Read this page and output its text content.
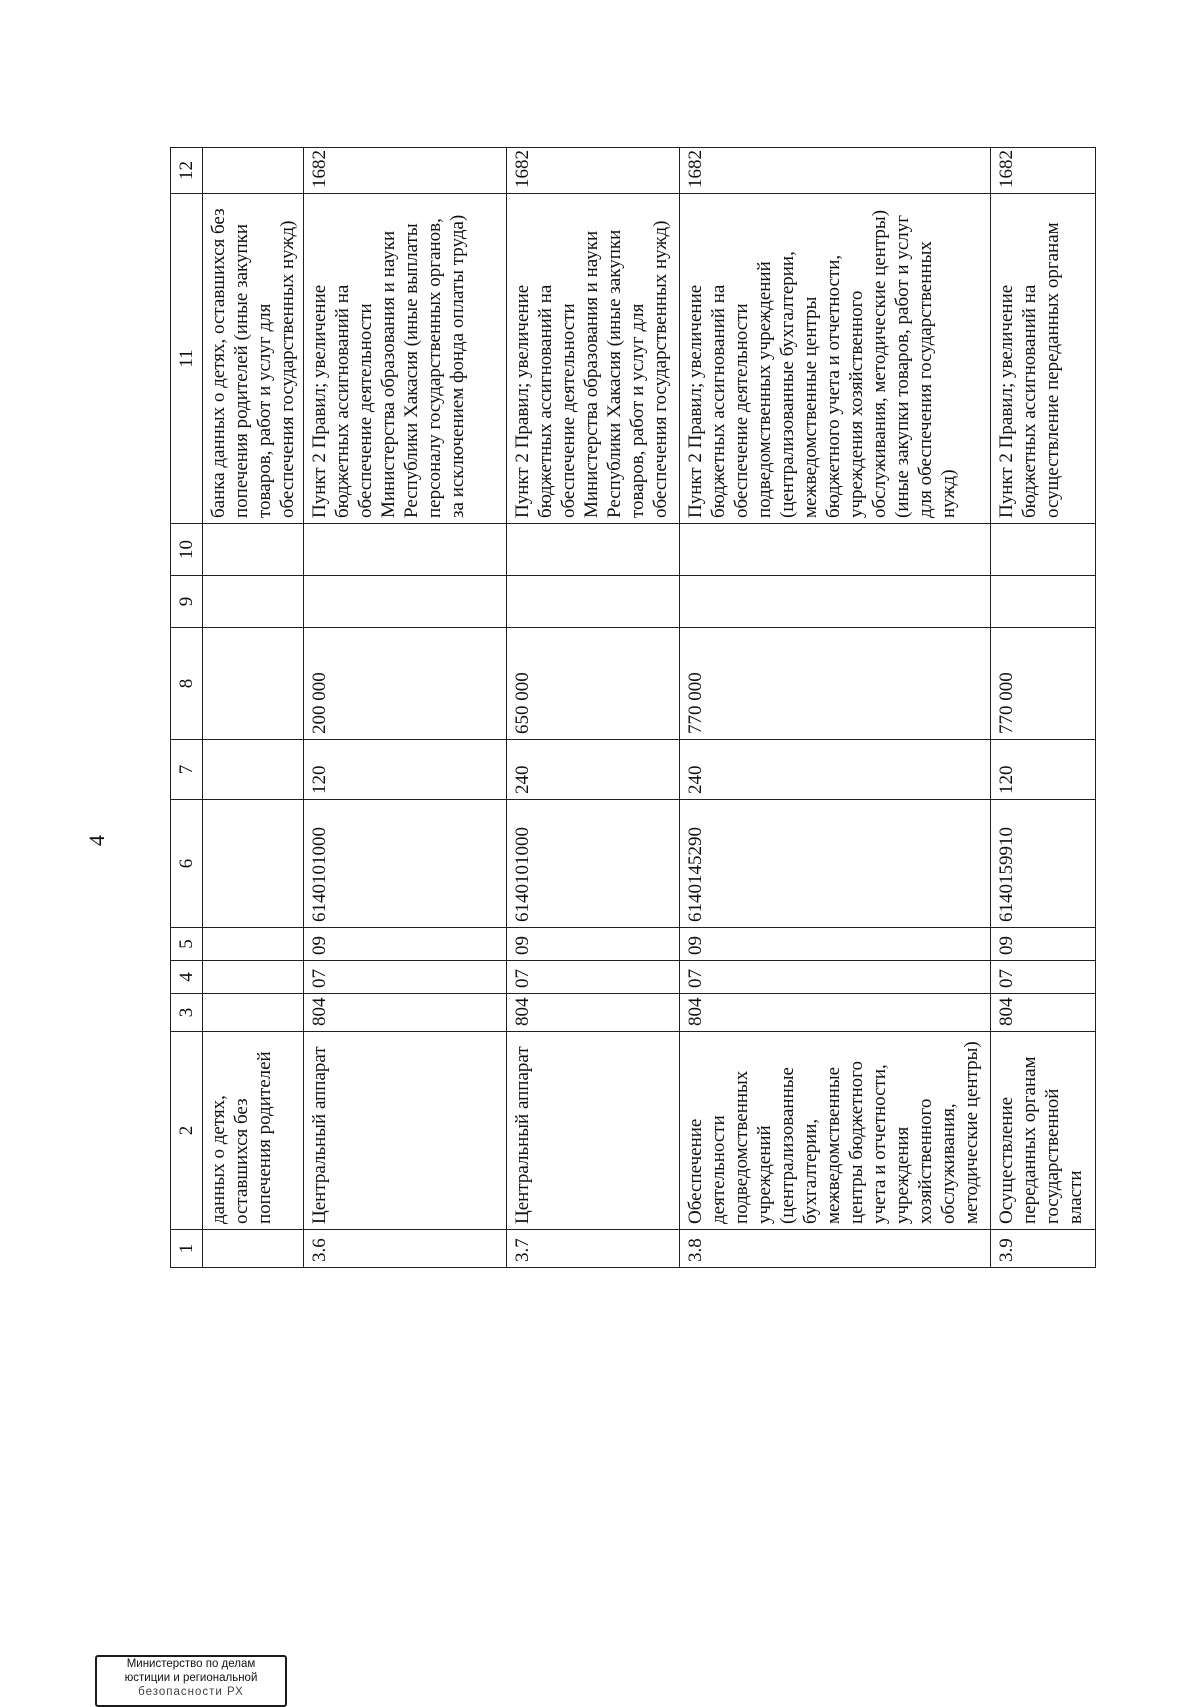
4
1	2	3	4	5	6	7	8	9	10	11	12
	данных о детях, оставшихся без попечения родителей									банка данных о детях, оставшихся без попечения родителей (иные закупки товаров, работ и услуг для обеспечения государственных нужд)	
3.6	Центральный аппарат	804	07	09	6140101000	120	200 000			Пункт 2 Правил; увеличение бюджетных ассигнований на обеспечение деятельности Министерства образования и науки Республики Хакасия (иные выплаты персоналу государственных органов, за исключением фонда оплаты труда)	1682
3.7	Центральный аппарат	804	07	09	6140101000	240	650 000			Пункт 2 Правил; увеличение бюджетных ассигнований на обеспечение деятельности Министерства образования и науки Республики Хакасия (иные закупки товаров, работ и услуг для обеспечения государственных нужд)	1682
3.8	Обеспечение деятельности подведомственных учреждений (централизованные бухгалтерии, межведомственные центры бюджетного учета и отчетности, учреждения хозяйственного обслуживания, методические центры)	804	07	09	6140145290	240	770 000			Пункт 2 Правил; увеличение бюджетных ассигнований на обеспечение деятельности подведомственных учреждений (централизованные бухгалтерии, межведомственные центры бюджетного учета и отчетности, учреждения хозяйственного обслуживания, методические центры) (иные закупки товаров, работ и услуг для обеспечения государственных нужд)	1682
3.9	Осуществление переданных органам государственной власти	804	07	09	6140159910	120	770 000			Пункт 2 Правил; увеличение бюджетных ассигнований на осуществление переданных органам	1682
Министерство по делам
юстиции и региональной
безопасности РХ
